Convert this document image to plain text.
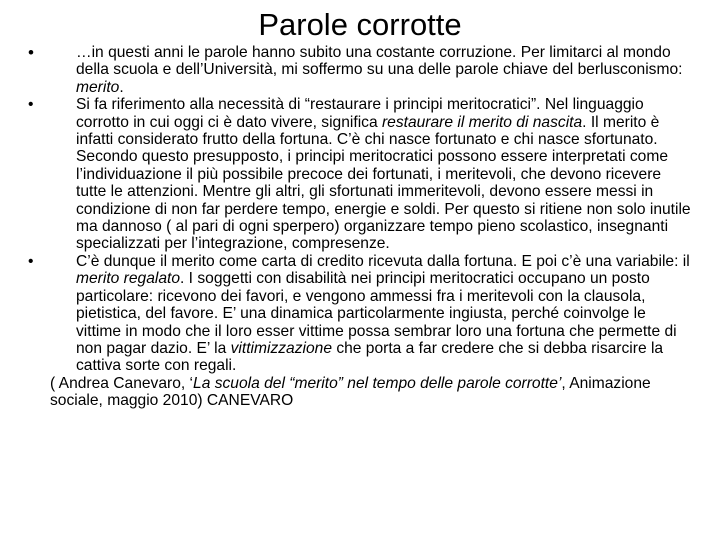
Parole corrotte
•	…in questi anni le parole hanno subito una costante corruzione. Per limitarci al mondo della scuola e dell’Università, mi soffermo su una delle parole chiave del berlusconismo: merito.
•	Si fa riferimento alla necessità di “restaurare i principi meritocratici”. Nel linguaggio corrotto in cui oggi ci è dato vivere, significa restaurare il merito di nascita. Il merito è infatti considerato frutto della fortuna. C’è chi nasce fortunato e chi nasce sfortunato. Secondo questo presupposto, i principi meritocratici possono essere interpretati come l’individuazione il più possibile precoce dei fortunati, i meritevoli, che devono ricevere tutte le attenzioni. Mentre gli altri, gli sfortunati immeritevoli, devono essere messi in condizione di non far perdere tempo, energie e soldi. Per questo si ritiene non solo inutile ma dannoso ( al pari di ogni sperpero) organizzare tempo pieno scolastico, insegnanti specializzati per l’integrazione, compresenze.
•	C’è dunque il merito come carta di credito ricevuta dalla fortuna. E poi c’è una variabile: il merito regalato. I soggetti con disabilità nei principi meritocratici occupano un posto particolare: ricevono dei favori, e vengono ammessi fra i meritevoli con la clausola, pietistica, del favore. E’ una dinamica particolarmente ingiusta, perché coinvolge le vittime in modo che il loro esser vittime possa sembrar loro una fortuna che permette di non pagar dazio. E’ la vittimizzazione che porta a far credere che si debba risarcire la cattiva sorte con regali.
( Andrea Canevaro, ‘La scuola del “merito” nel tempo delle parole corrotte’, Animazione sociale, maggio 2010) CANEVARO
